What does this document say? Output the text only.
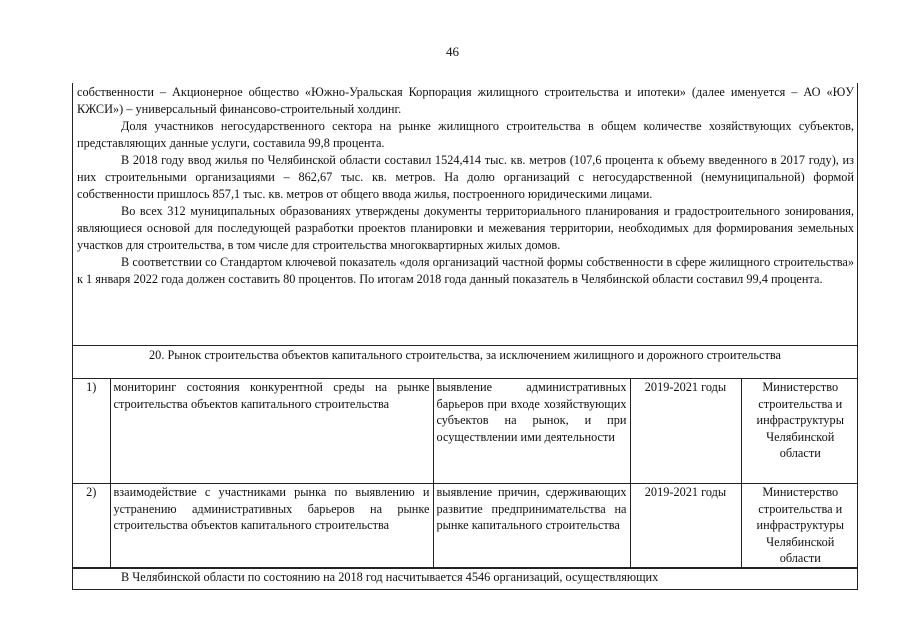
46

собственности – Акционерное общество «Южно-Уральская Корпорация жилищного строительства и ипотеки» (далее именуется – АО «ЮУ КЖСИ») – универсальный финансово-строительный холдинг.

Доля участников негосударственного сектора на рынке жилищного строительства в общем количестве хозяйствующих субъектов, представляющих данные услуги, составила 99,8 процента.

В 2018 году ввод жилья по Челябинской области составил 1524,414 тыс. кв. метров (107,6 процента к объему введенного в 2017 году), из них строительными организациями – 862,67 тыс. кв. метров. На долю организаций с негосударственной (немуниципальной) формой собственности пришлось 857,1 тыс. кв. метров от общего ввода жилья, построенного юридическими лицами.

Во всех 312 муниципальных образованиях утверждены документы территориального планирования и градостроительного зонирования, являющиеся основой для последующей разработки проектов планировки и межевания территории, необходимых для формирования земельных участков для строительства, в том числе для строительства многоквартирных жилых домов.

В соответствии со Стандартом ключевой показатель «доля организаций частной формы собственности в сфере жилищного строительства» к 1 января 2022 года должен составить 80 процентов. По итогам 2018 года данный показатель в Челябинской области составил 99,4 процента.

20. Рынок строительства объектов капитального строительства, за исключением жилищного и дорожного строительства
1)	мониторинг состояния конкурентной среды на рынке строительства объектов капитального строительства	выявление административных барьеров при входе хозяйствующих субъектов на рынок, и при осуществлении ими деятельности	2019-2021 годы	Министерство строительства и инфраструктуры Челябинской области
2)	взаимодействие с участниками рынка по выявлению и устранению административных барьеров на рынке строительства объектов капитального строительства	выявление причин, сдерживающих развитие предпринимательства на рынке капитального строительства	2019-2021 годы	Министерство строительства и инфраструктуры Челябинской области
В Челябинской области по состоянию на 2018 год насчитывается 4546 организаций, осуществляющих
